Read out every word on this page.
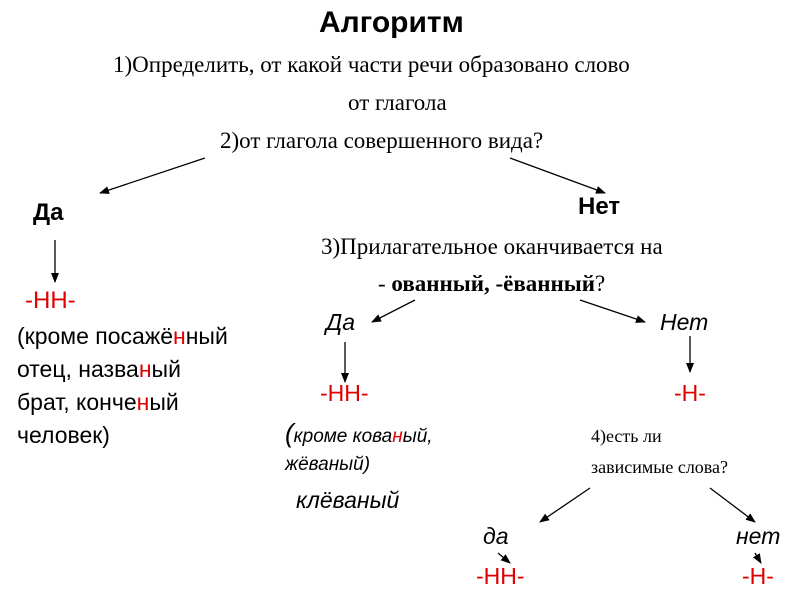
Алгоритм
1)Определить, от какой части речи образовано слово
от глагола
2)от глагола совершенного вида?
Да
-НН-
(кроме посажённый
отец, названый
брат, конченый
человек)
Нет
3)Прилагательное оканчивается на
- ованный, -ёванный?
Да
-НН-
(кроме кованый,
жёваный)
клёваный
Нет
-Н-
4)есть ли
зависимые слова?
да
-НН-
нет
-Н-
